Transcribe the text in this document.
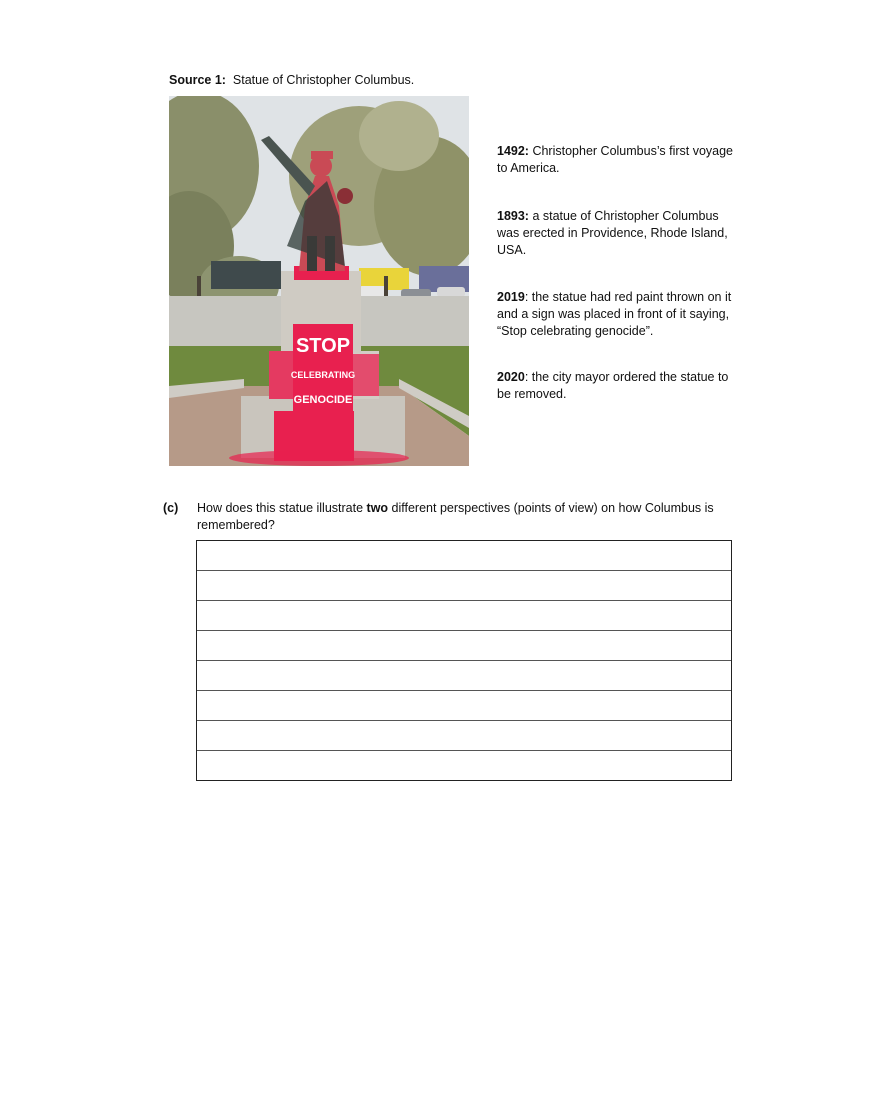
Source 1: Statue of Christopher Columbus.
STOP
CELEBRATING
GENOCIDE
1492: Christopher Columbus’s first voyage to America.
1893: a statue of Christopher Columbus was erected in Providence, Rhode Island, USA.
2019: the statue had red paint thrown on it and a sign was placed in front of it saying, “Stop celebrating genocide”.
2020: the city mayor ordered the statue to be removed.
(c) How does this statue illustrate two different perspectives (points of view) on how Columbus is remembered?
